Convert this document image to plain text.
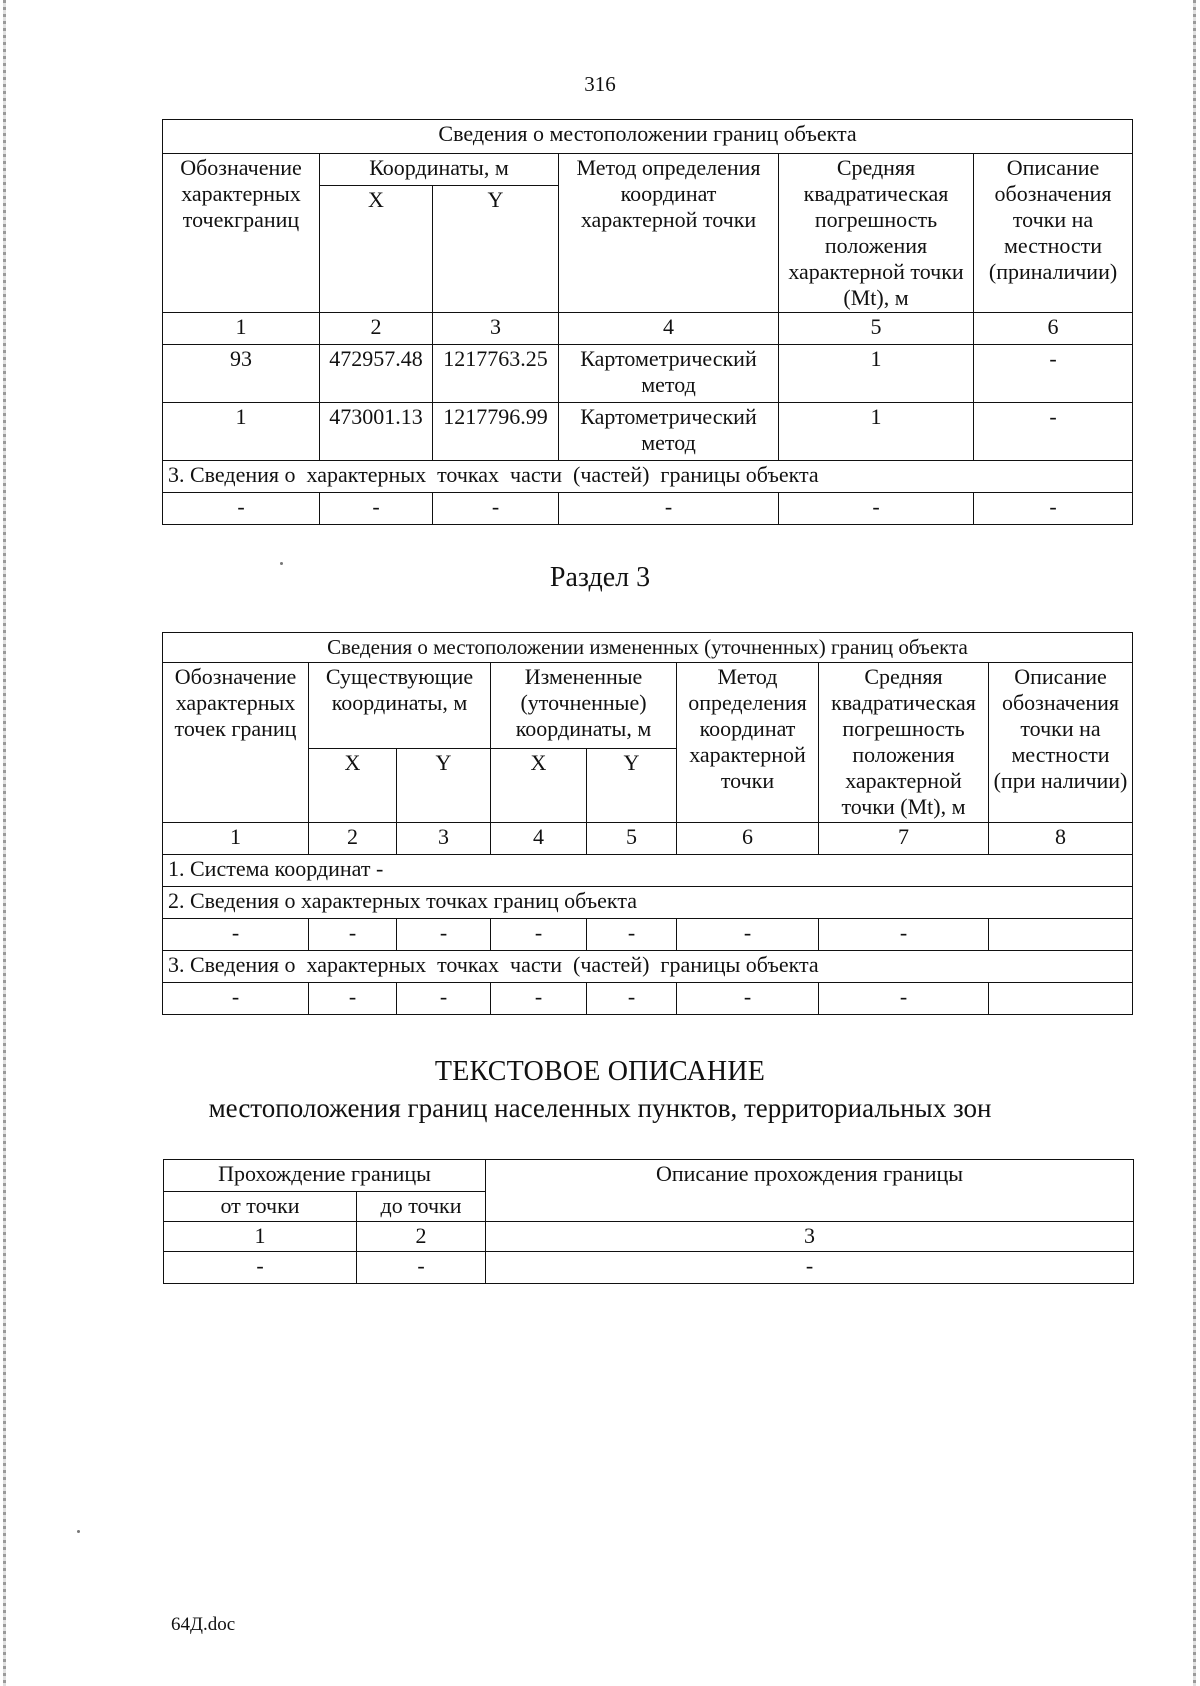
316
Сведения о местоположении границ объекта					
Обозначение характерных точекграниц	Координаты, м		Метод определения координат характерной точки	Средняя квадратическая погрешность положения характерной точки (Mt), м	Описание обозначения точки на местности (приналичии)
	X	Y			
1	2	3	4	5	6
93	472957.48	1217763.25	Картометрический метод	1	-
1	473001.13	1217796.99	Картометрический метод	1	-
3. Сведения о  характерных  точках  части  (частей)  границы объекта					
-	-	-	-	-	-
Раздел 3
Сведения о местоположении измененных (уточненных) границ объекта							
Обозначение характерных точек границ	Существующие координаты, м		Измененные (уточненные) координаты, м		Метод определения координат характерной точки	Средняя квадратическая погрешность положения характерной точки (Mt), м	Описание обозначения точки на местности (при наличии)
	X	Y	X	Y			
1	2	3	4	5	6	7	8
1. Система координат -							
2. Сведения о характерных точках границ объекта							
-	-	-	-	-	-	-	
3. Сведения о  характерных  точках  части  (частей)  границы объекта							
-	-	-	-	-	-	-	
ТЕКСТОВОЕ ОПИСАНИЕ
местоположения границ населенных пунктов, территориальных зон
Прохождение границы		Описание прохождения границы
от точки	до точки	
1	2	3
-	-	-
64Д.doc
